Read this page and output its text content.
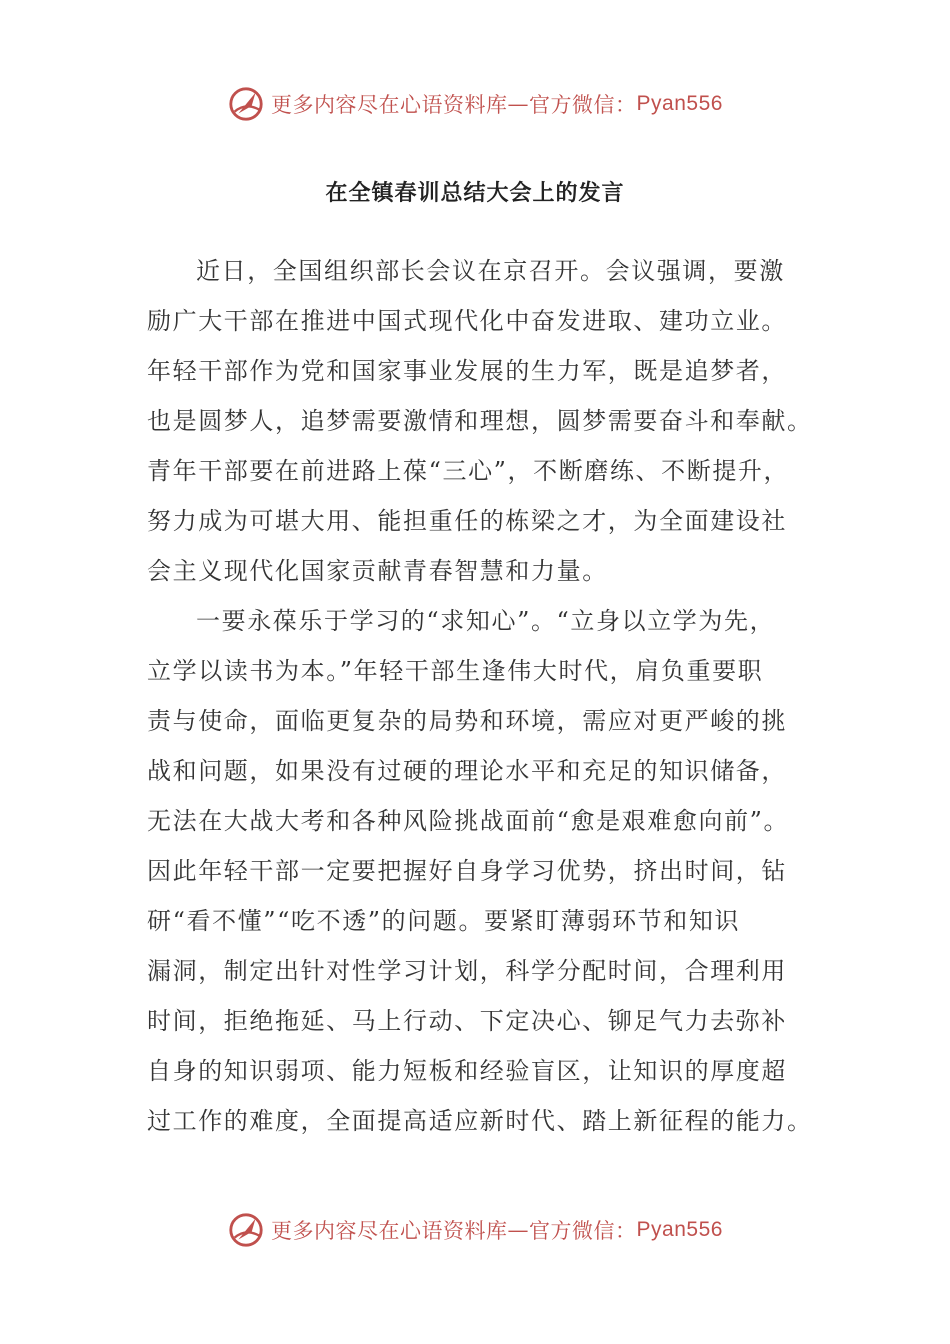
更多内容尽在心语资料库 — 官方微信： Pyan556
在全镇春训总结大会上的发言
近日，全国组织部长会议在京召开。会议强调，要激
励广大干部在推进中国式现代化中奋发进取、建功立业。
年轻干部作为党和国家事业发展的生力军，既是追梦者，
也是圆梦人，追梦需要激情和理想，圆梦需要奋斗和奉献。
青年干部要在前进路上葆“三心”，不断磨练、不断提升，
努力成为可堪大用、能担重任的栋梁之才，为全面建设社
会主义现代化国家贡献青春智慧和力量。
一要永葆乐于学习的“求知心”。“立身以立学为先，
立学以读书为本。”年轻干部生逢伟大时代，肩负重要职
责与使命，面临更复杂的局势和环境，需应对更严峻的挑
战和问题，如果没有过硬的理论水平和充足的知识储备，
无法在大战大考和各种风险挑战面前“愈是艰难愈向前”。
因此年轻干部一定要把握好自身学习优势，挤出时间，钻
研“看不懂”“吃不透”的问题。要紧盯薄弱环节和知识
漏洞，制定出针对性学习计划，科学分配时间，合理利用
时间，拒绝拖延、马上行动、下定决心、铆足气力去弥补
自身的知识弱项、能力短板和经验盲区，让知识的厚度超
过工作的难度，全面提高适应新时代、踏上新征程的能力。
更多内容尽在心语资料库 — 官方微信： Pyan556
